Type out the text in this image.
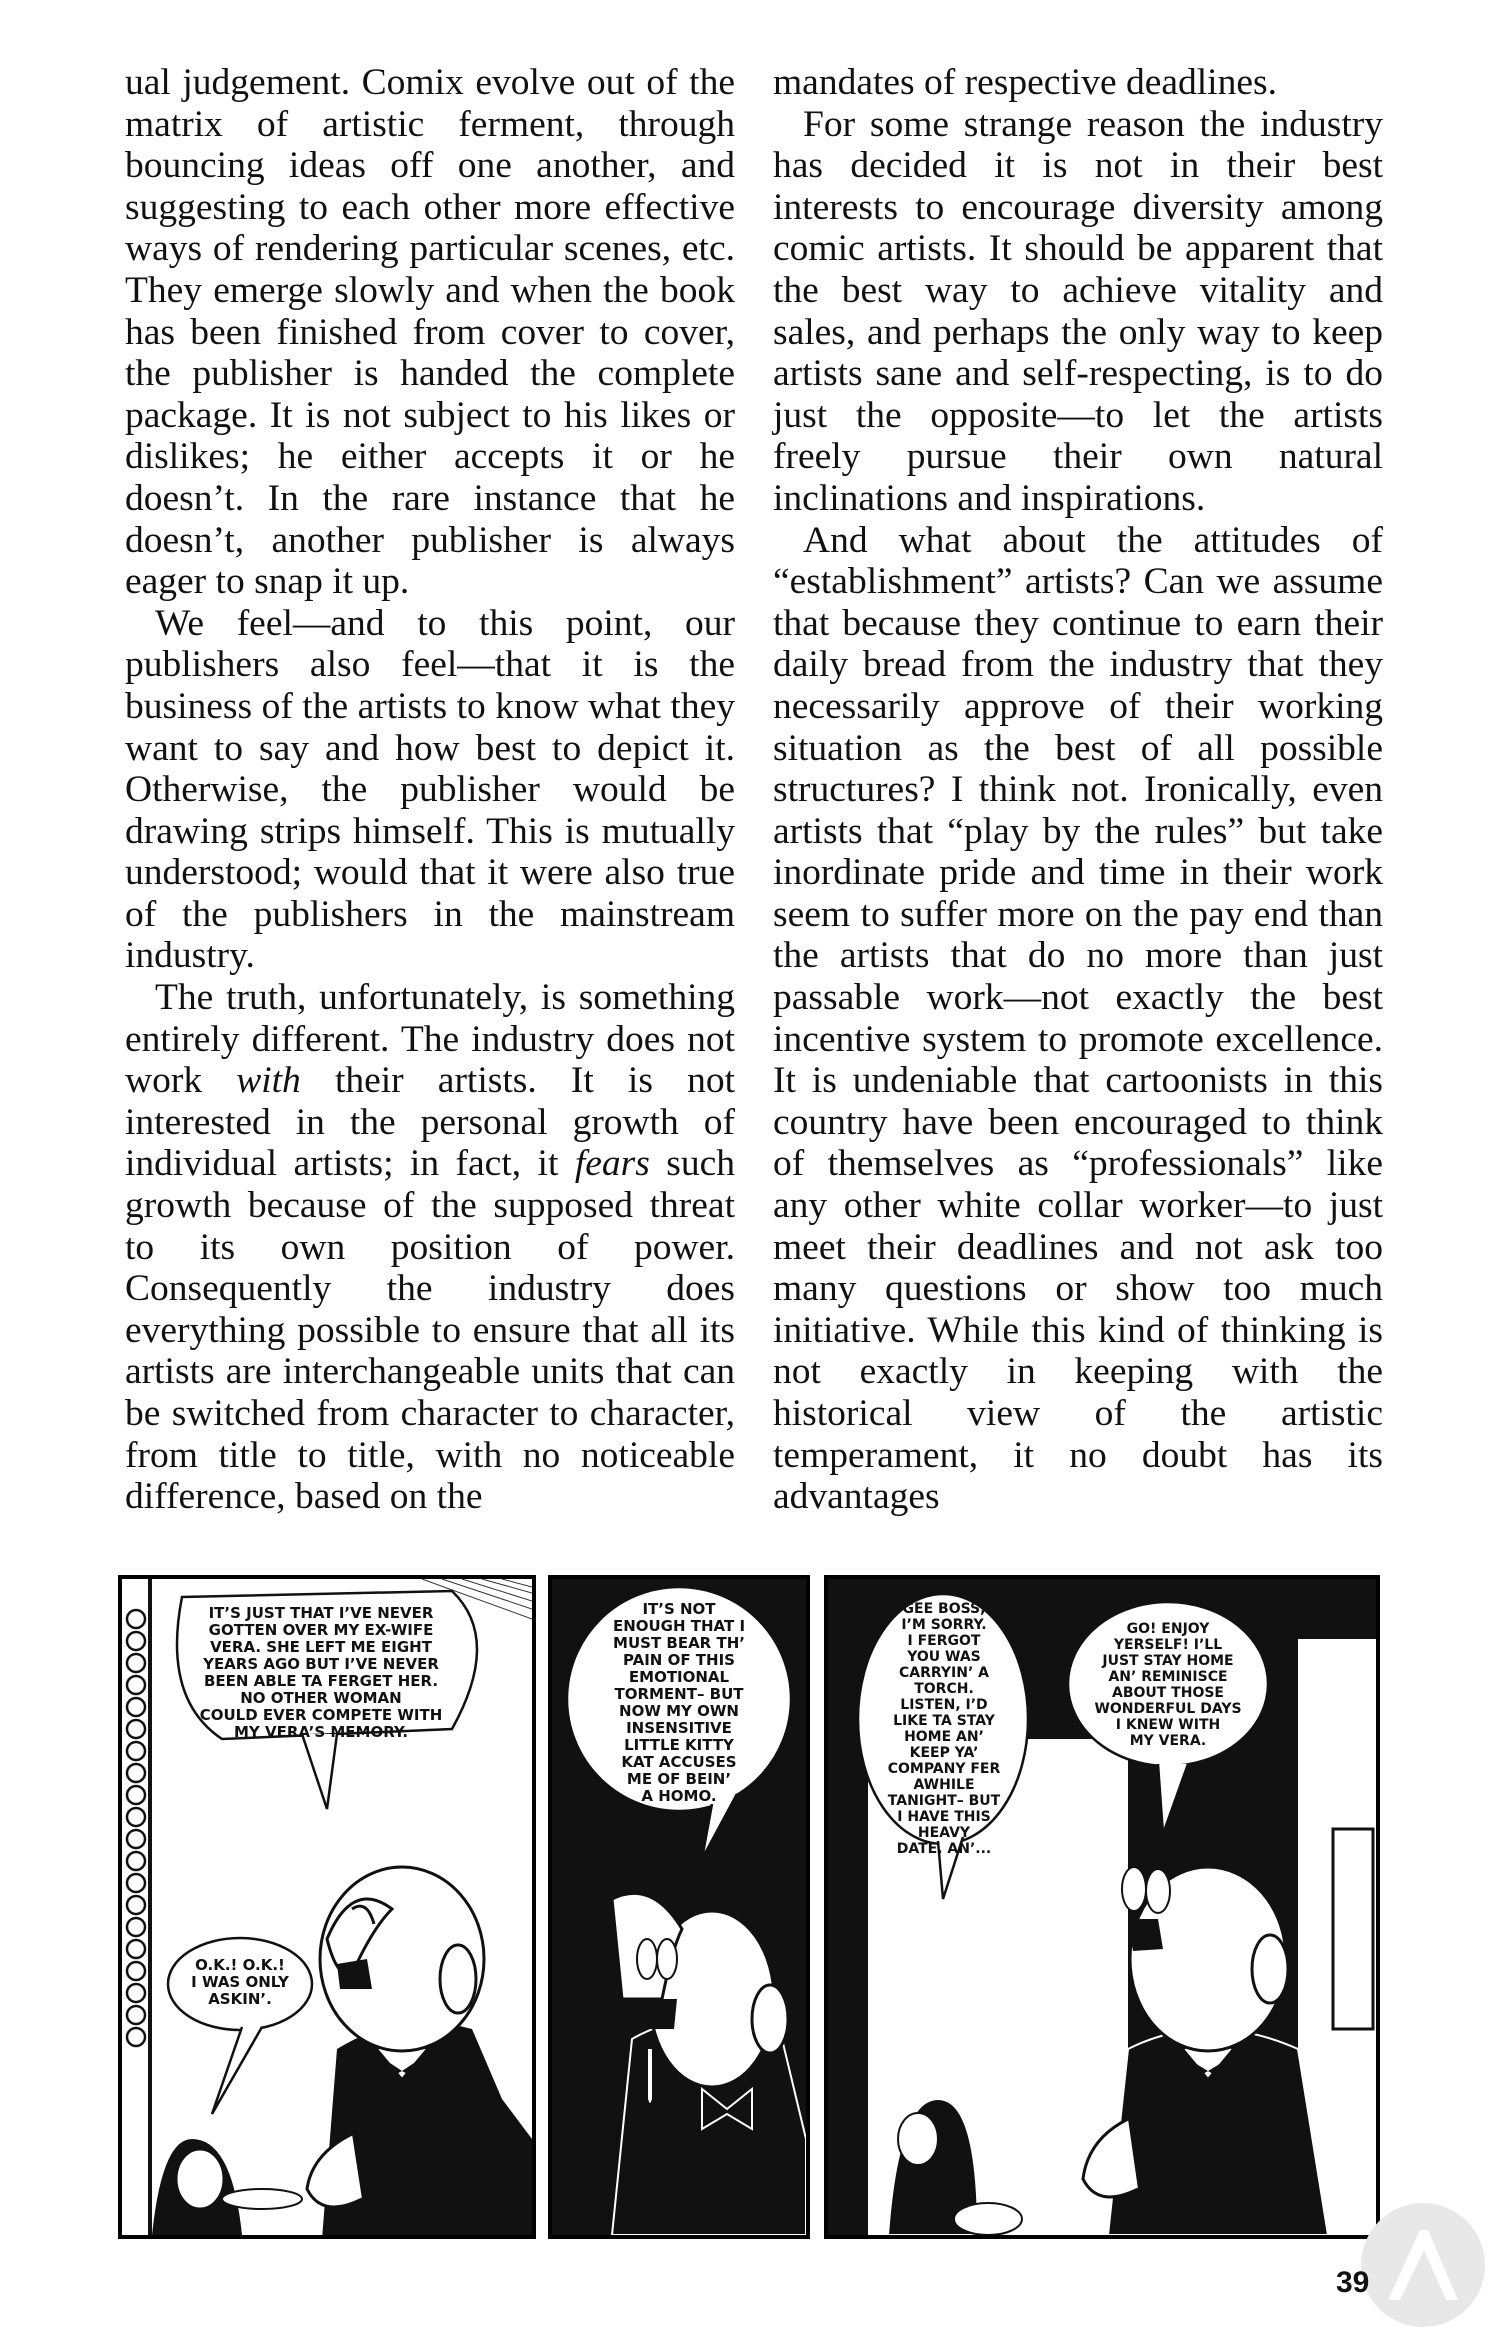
ual judgement. Comix evolve out of the matrix of artistic ferment, through bouncing ideas off one another, and suggesting to each other more effective ways of rendering particular scenes, etc. They emerge slowly and when the book has been finished from cover to cover, the publisher is handed the complete package. It is not subject to his likes or dislikes; he either accepts it or he doesn’t. In the rare instance that he doesn’t, another publisher is always eager to snap it up.

We feel—and to this point, our publishers also feel—that it is the business of the artists to know what they want to say and how best to depict it. Otherwise, the publisher would be drawing strips himself. This is mutually understood; would that it were also true of the publishers in the mainstream industry.

The truth, unfortunately, is something entirely different. The industry does not work with their artists. It is not interested in the personal growth of individual artists; in fact, it fears such growth because of the supposed threat to its own position of power. Consequently the industry does everything possible to ensure that all its artists are interchangeable units that can be switched from character to character, from title to title, with no noticeable difference, based on the

mandates of respective deadlines.

For some strange reason the industry has decided it is not in their best interests to encourage diversity among comic artists. It should be apparent that the best way to achieve vitality and sales, and perhaps the only way to keep artists sane and self-respecting, is to do just the opposite—to let the artists freely pursue their own natural inclinations and inspirations.

And what about the attitudes of “establishment” artists? Can we assume that because they continue to earn their daily bread from the industry that they necessarily approve of their working situation as the best of all possible structures? I think not. Ironically, even artists that “play by the rules” but take inordinate pride and time in their work seem to suffer more on the pay end than the artists that do no more than just passable work—not exactly the best incentive system to promote excellence. It is undeniable that cartoonists in this country have been encouraged to think of themselves as “professionals” like any other white collar worker—to just meet their deadlines and not ask too many questions or show too much initiative. While this kind of thinking is not exactly in keeping with the historical view of the artistic temperament, it no doubt has its advantages

IT’S JUST THAT I’VE NEVER
GOTTEN OVER MY EX-WIFE
VERA. SHE LEFT ME EIGHT
YEARS AGO BUT I’VE NEVER
BEEN ABLE TA FERGET HER.
NO OTHER WOMAN
COULD EVER COMPETE WITH
MY VERA’S MEMORY.
O.K.! O.K.!
I WAS ONLY
ASKIN’.
IT’S NOT
ENOUGH THAT I
MUST BEAR TH’
PAIN OF THIS
EMOTIONAL
TORMENT– BUT
NOW MY OWN
INSENSITIVE
LITTLE KITTY
KAT ACCUSES
ME OF BEIN’
A HOMO.
GEE BOSS,
I’M SORRY.
I FERGOT
YOU WAS
CARRYIN’ A
TORCH.
LISTEN, I’D
LIKE TA STAY
HOME AN’
KEEP YA’
COMPANY FER
AWHILE
TANIGHT– BUT
I HAVE THIS
HEAVY
DATE, AN’...
GO! ENJOY
YERSELF! I’LL
JUST STAY HOME
AN’ REMINISCE
ABOUT THOSE
WONDERFUL DAYS
I KNEW WITH
MY VERA.
39
